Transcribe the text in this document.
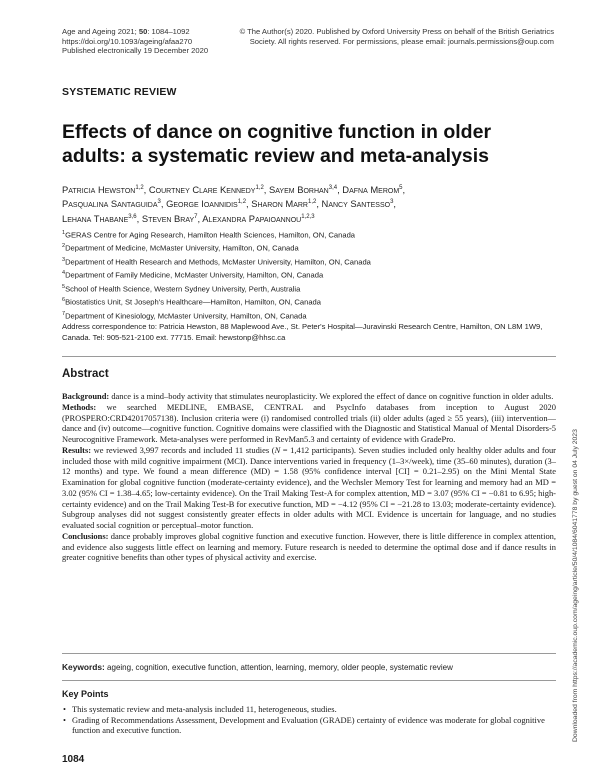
Age and Ageing 2021; 50: 1084–1092
https://doi.org/10.1093/ageing/afaa270
Published electronically 19 December 2020
© The Author(s) 2020. Published by Oxford University Press on behalf of the British Geriatrics
Society. All rights reserved. For permissions, please email: journals.permissions@oup.com
SYSTEMATIC REVIEW
Effects of dance on cognitive function in older adults: a systematic review and meta-analysis
Patricia Hewston$^{1,2}$, Courtney Clare Kennedy$^{1,2}$, Sayem Borhan$^{3,4}$, Dafna Merom$^5$,
Pasqualina Santaguida$^3$, George Ioannidis$^{1,2}$, Sharon Marr$^{1,2}$, Nancy Santesso$^3$,
Lehana Thabane$^{3,6}$, Steven Bray$^7$, Alexandra Papaioannou$^{1,2,3}$
$^1$GERAS Centre for Aging Research, Hamilton Health Sciences, Hamilton, ON, Canada
$^2$Department of Medicine, McMaster University, Hamilton, ON, Canada
$^3$Department of Health Research and Methods, McMaster University, Hamilton, ON, Canada
$^4$Department of Family Medicine, McMaster University, Hamilton, ON, Canada
$^5$School of Health Science, Western Sydney University, Perth, Australia
$^6$Biostatistics Unit, St Joseph's Healthcare—Hamilton, Hamilton, ON, Canada
$^7$Department of Kinesiology, McMaster University, Hamilton, ON, Canada
Address correspondence to: Patricia Hewston, 88 Maplewood Ave., St. Peter's Hospital—Juravinski Research Centre, Hamilton, ON L8M 1W9, Canada. Tel: 905-521-2100 ext. 77715. Email: hewstonp@hhsc.ca
Abstract

Background: dance is a mind–body activity that stimulates neuroplasticity. We explored the effect of dance on cognitive function in older adults.

Methods: we searched MEDLINE, EMBASE, CENTRAL and PsycInfo databases from inception to August 2020 (PROSPERO:CRD42017057138). Inclusion criteria were (i) randomised controlled trials (ii) older adults (aged ≥ 55 years), (iii) intervention—dance and (iv) outcome—cognitive function. Cognitive domains were classified with the Diagnostic and Statistical Manual of Mental Disorders-5 Neurocognitive Framework. Meta-analyses were performed in RevMan5.3 and certainty of evidence with GradePro.

Results: we reviewed 3,997 records and included 11 studies (N = 1,412 participants). Seven studies included only healthy older adults and four included those with mild cognitive impairment (MCI). Dance interventions varied in frequency (1–3×/week), time (35–60 minutes), duration (3–12 months) and type. We found a mean difference (MD) = 1.58 (95% confidence interval [CI] = 0.21–2.95) on the Mini Mental State Examination for global cognitive function (moderate-certainty evidence), and the Wechsler Memory Test for learning and memory had an MD = 3.02 (95% CI = 1.38–4.65; low-certainty evidence). On the Trail Making Test-A for complex attention, MD = 3.07 (95% CI = −0.81 to 6.95; high-certainty evidence) and on the Trail Making Test-B for executive function, MD = −4.12 (95% CI = −21.28 to 13.03; moderate-certainty evidence). Subgroup analyses did not suggest consistently greater effects in older adults with MCI. Evidence is uncertain for language, and no studies evaluated social cognition or perceptual–motor function.

Conclusions: dance probably improves global cognitive function and executive function. However, there is little difference in complex attention, and evidence also suggests little effect on learning and memory. Future research is needed to determine the optimal dose and if dance results in greater cognitive benefits than other types of physical activity and exercise.

Keywords: ageing, cognition, executive function, attention, learning, memory, older people, systematic review
Key Points
• This systematic review and meta-analysis included 11, heterogeneous, studies.
• Grading of Recommendations Assessment, Development and Evaluation (GRADE) certainty of evidence was moderate for global cognitive function and executive function.
1084
Downloaded from https://academic.oup.com/ageing/article/50/4/1084/6041778 by guest on 04 July 2023
